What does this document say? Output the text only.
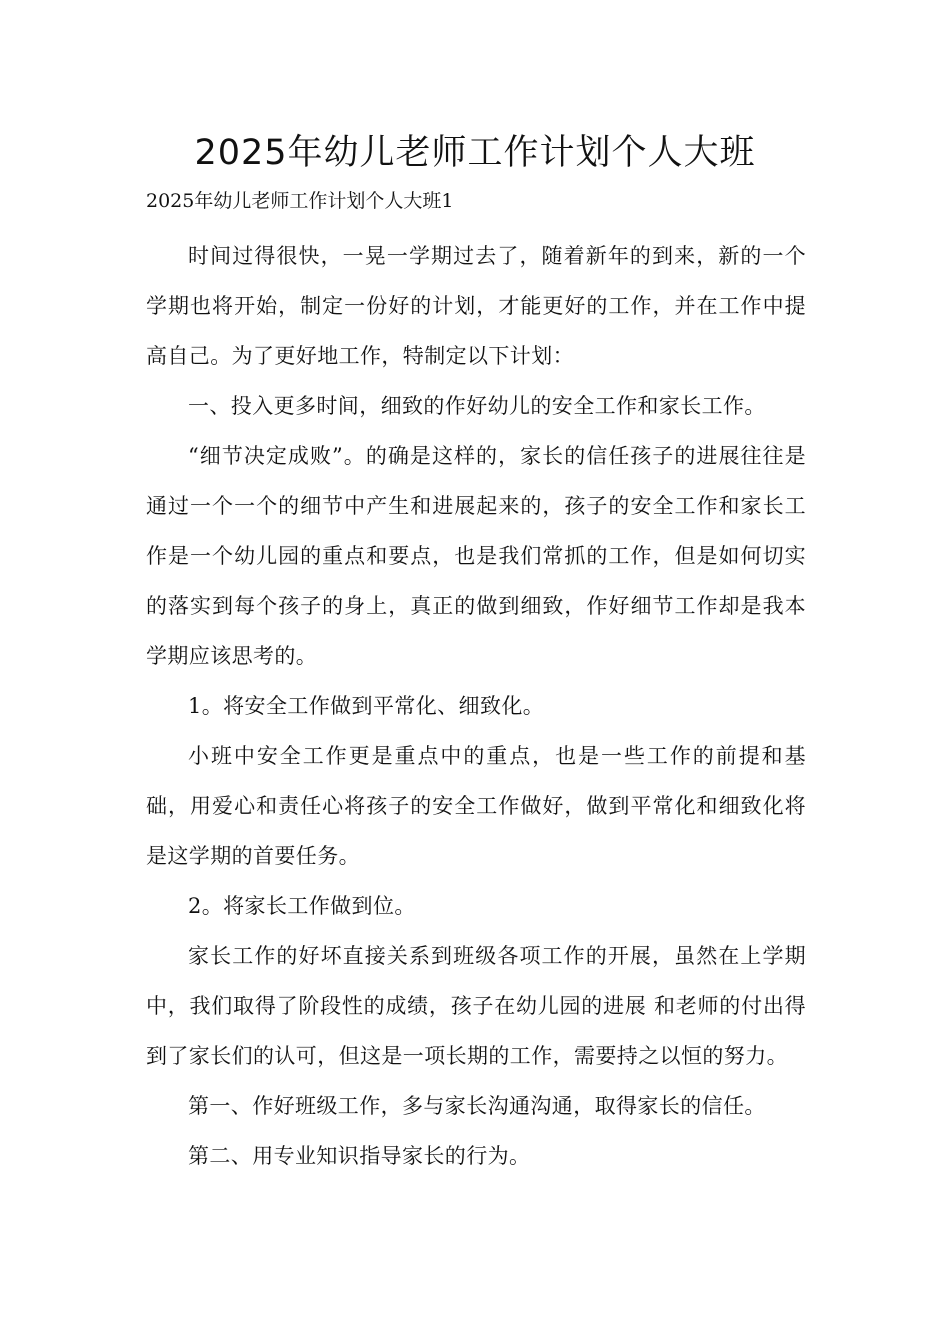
2025年幼儿老师工作计划个人大班

2025年幼儿老师工作计划个人大班1

时间过得很快，一晃一学期过去了，随着新年的到来，新的一个学期也将开始，制定一份好的计划，才能更好的工作，并在工作中提高自己。为了更好地工作，特制定以下计划：

一、投入更多时间，细致的作好幼儿的安全工作和家长工作。

“细节决定成败”。的确是这样的，家长的信任孩子的进展往往是通过一个一个的细节中产生和进展起来的，孩子的安全工作和家长工作是一个幼儿园的重点和要点，也是我们常抓的工作，但是如何切实的落实到每个孩子的身上，真正的做到细致，作好细节工作却是我本学期应该思考的。

1。将安全工作做到平常化、细致化。

小班中安全工作更是重点中的重点，也是一些工作的前提和基础，用爱心和责任心将孩子的安全工作做好，做到平常化和细致化将是这学期的首要任务。

2。将家长工作做到位。

家长工作的好坏直接关系到班级各项工作的开展，虽然在上学期中，我们取得了阶段性的成绩，孩子在幼儿园的进展 和老师的付出得到了家长们的认可，但这是一项长期的工作，需要持之以恒的努力。

第一、作好班级工作，多与家长沟通沟通，取得家长的信任。

第二、用专业知识指导家长的行为。
